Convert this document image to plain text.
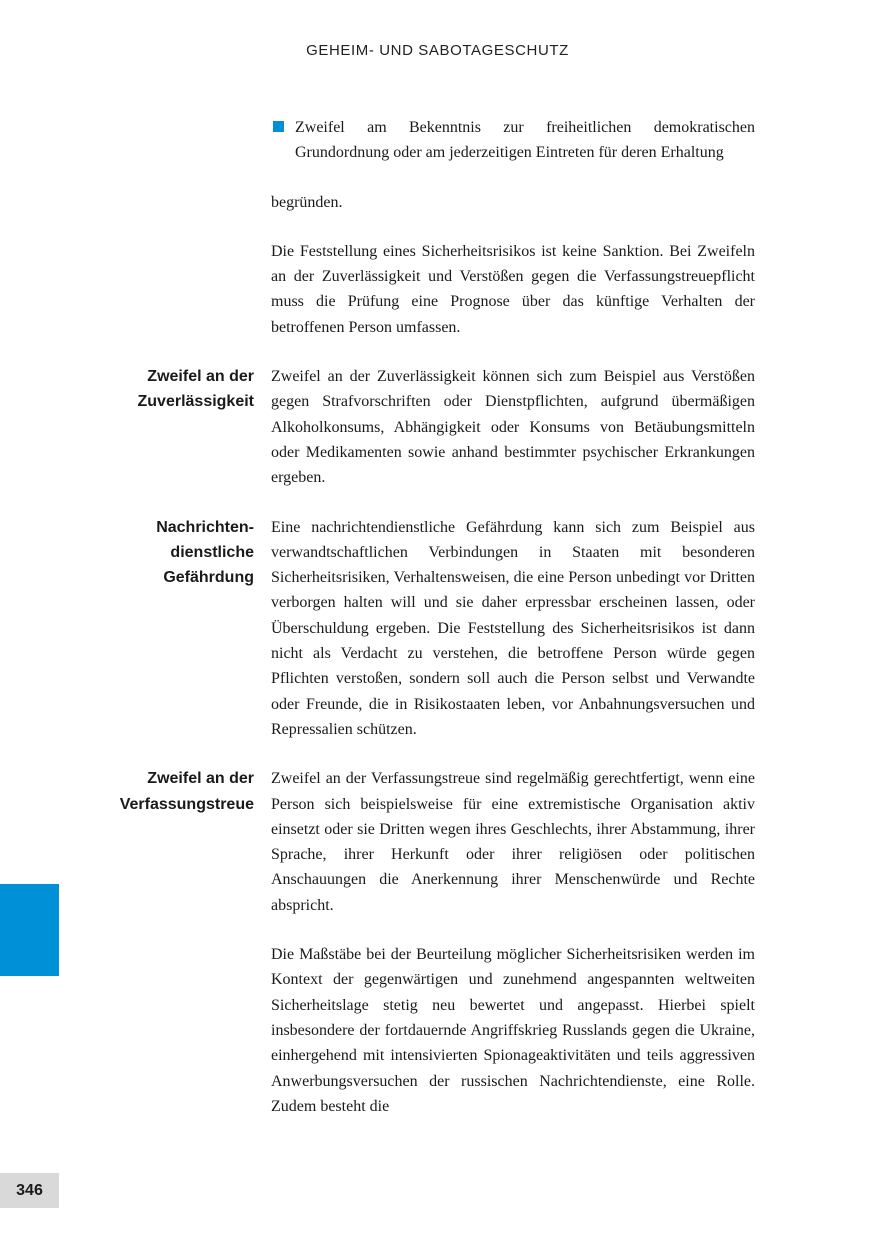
GEHEIM- UND SABOTAGESCHUTZ
Zweifel am Bekenntnis zur freiheitlichen demokratischen Grundordnung oder am jederzeitigen Eintreten für deren Erhaltung

begründen.

Die Feststellung eines Sicherheitsrisikos ist keine Sanktion. Bei Zweifeln an der Zuverlässigkeit und Verstößen gegen die Verfassungstreuepflicht muss die Prüfung eine Prognose über das künftige Verhalten der betroffenen Person umfassen.

Zweifel an der
Zuverlässigkeit

Zweifel an der Zuverlässigkeit können sich zum Beispiel aus Verstößen gegen Strafvorschriften oder Dienstpflichten, aufgrund übermäßigen Alkoholkonsums, Abhängigkeit oder Konsums von Betäubungsmitteln oder Medikamenten sowie anhand bestimmter psychischer Erkrankungen ergeben.

Nachrichten-
dienstliche
Gefährdung

Eine nachrichtendienstliche Gefährdung kann sich zum Beispiel aus verwandtschaftlichen Verbindungen in Staaten mit besonderen Sicherheitsrisiken, Verhaltensweisen, die eine Person unbedingt vor Dritten verborgen halten will und sie daher erpressbar erscheinen lassen, oder Überschuldung ergeben. Die Feststellung des Sicherheitsrisikos ist dann nicht als Verdacht zu verstehen, die betroffene Person würde gegen Pflichten verstoßen, sondern soll auch die Person selbst und Verwandte oder Freunde, die in Risikostaaten leben, vor Anbahnungsversuchen und Repressalien schützen.

Zweifel an der
Verfassungstreue

Zweifel an der Verfassungstreue sind regelmäßig gerechtfertigt, wenn eine Person sich beispielsweise für eine extremistische Organisation aktiv einsetzt oder sie Dritten wegen ihres Geschlechts, ihrer Abstammung, ihrer Sprache, ihrer Herkunft oder ihrer religiösen oder politischen Anschauungen die Anerkennung ihrer Menschenwürde und Rechte abspricht.

Die Maßstäbe bei der Beurteilung möglicher Sicherheitsrisiken werden im Kontext der gegenwärtigen und zunehmend angespannten weltweiten Sicherheitslage stetig neu bewertet und angepasst. Hierbei spielt insbesondere der fortdauernde Angriffskrieg Russlands gegen die Ukraine, einhergehend mit intensivierten Spionageaktivitäten und teils aggressiven Anwerbungsversuchen der russischen Nachrichtendienste, eine Rolle. Zudem besteht die

346
